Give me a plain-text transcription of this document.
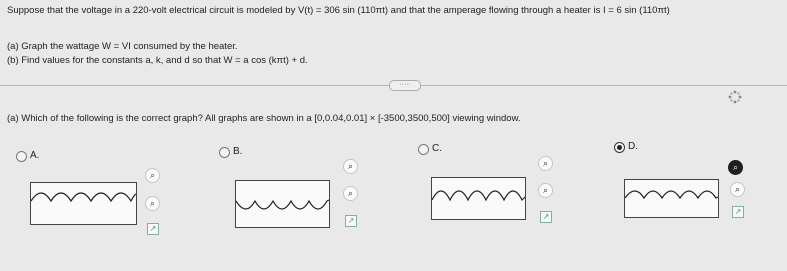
Suppose that the voltage in a 220-volt electrical circuit is modeled by V(t) = 306 sin (110πt) and that the amperage flowing through a heater is I = 6 sin (110πt)
(a) Graph the wattage W = VI consumed by the heater.
(b) Find values for the constants a, k, and d so that W = a cos (kπt) + d.
·····
(a) Which of the following is the correct graph? All graphs are shown in a [0,0.04,0.01] × [-3500,3500,500] viewing window.
A.
⌕
⌕
↗
B.
⌕
⌕
↗
C.
⌕
⌕
↗
D.
⌕
⌕
↗
